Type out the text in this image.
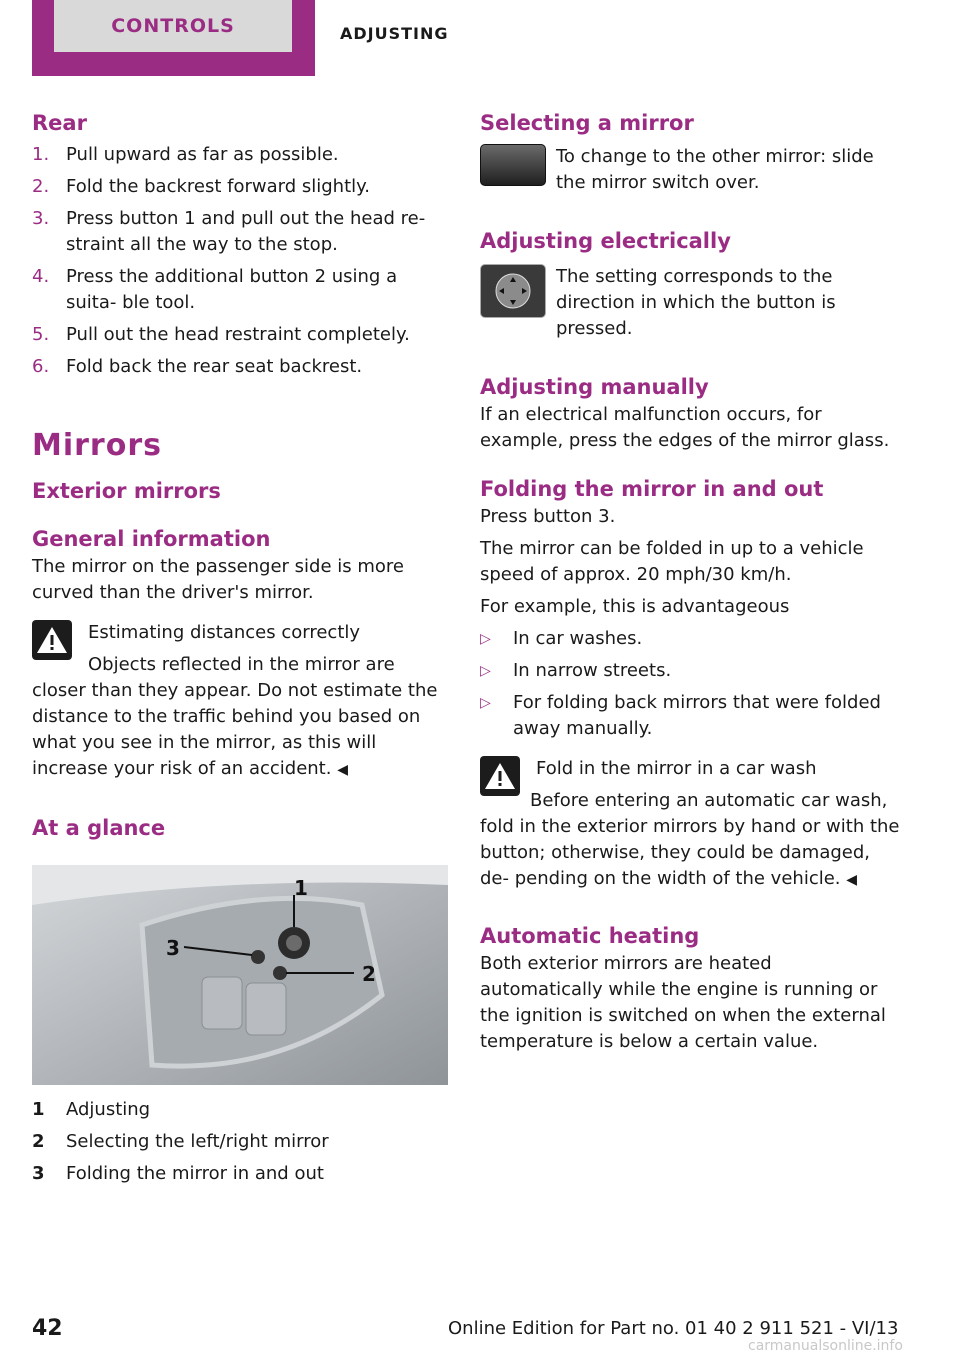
CONTROLS	ADJUSTING
Rear
1. Pull upward as far as possible.
2. Fold the backrest forward slightly.
3. Press button 1 and pull out the head re‐ straint all the way to the stop.
4. Press the additional button 2 using a suita‐ ble tool.
5. Pull out the head restraint completely.
6. Fold back the rear seat backrest.
Mirrors
Exterior mirrors
General information

The mirror on the passenger side is more curved than the driver's mirror.

Estimating distances correctly

Objects reflected in the mirror are closer than they appear. Do not estimate the distance to the traffic behind you based on what you see in the mirror, as this will increase your risk of an accident. ◀

At a glance
1
2
3
1	Adjusting
2	Selecting the left/right mirror
3	Folding the mirror in and out
Selecting a mirror

To change to the other mirror: slide the mirror switch over.

Adjusting electrically

The setting corresponds to the direction in which the button is pressed.

Adjusting manually

If an electrical malfunction occurs, for example, press the edges of the mirror glass.

Folding the mirror in and out

Press button 3.

The mirror can be folded in up to a vehicle speed of approx. 20 mph/30 km/h.

For example, this is advantageous

▷	In car washes.
▷	In narrow streets.
▷	For folding back mirrors that were folded away manually.

Fold in the mirror in a car wash

Before entering an automatic car wash, fold in the exterior mirrors by hand or with the button; otherwise, they could be damaged, de‐ pending on the width of the vehicle. ◀

Automatic heating

Both exterior mirrors are heated automatically while the engine is running or the ignition is switched on when the external temperature is below a certain value.

42	Online Edition for Part no. 01 40 2 911 521 - VI/13
carmanualsonline.info
